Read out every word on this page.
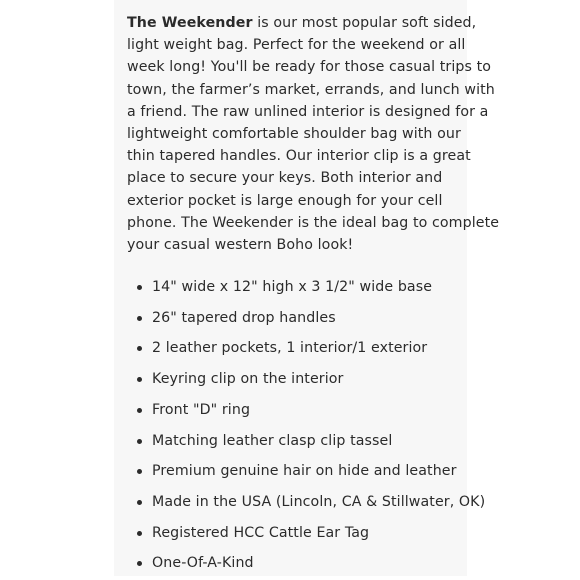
The Weekender is our most popular soft sided,
light weight bag. Perfect for the weekend or all
week long! You'll be ready for those casual trips to
town, the farmer’s market, errands, and lunch with
a friend. The raw unlined interior is designed for a
lightweight comfortable shoulder bag with our
thin tapered handles. Our interior clip is a great
place to secure your keys. Both interior and
exterior pocket is large enough for your cell
phone. The Weekender is the ideal bag to complete
your casual western Boho look!
14" wide x 12" high x 3 1/2" wide base
26" tapered drop handles
2 leather pockets, 1 interior/1 exterior
Keyring clip on the interior
Front "D" ring
Matching leather clasp clip tassel
Premium genuine hair on hide and leather
Made in the USA (Lincoln, CA & Stillwater, OK)
Registered HCC Cattle Ear Tag
One-Of-A-Kind
